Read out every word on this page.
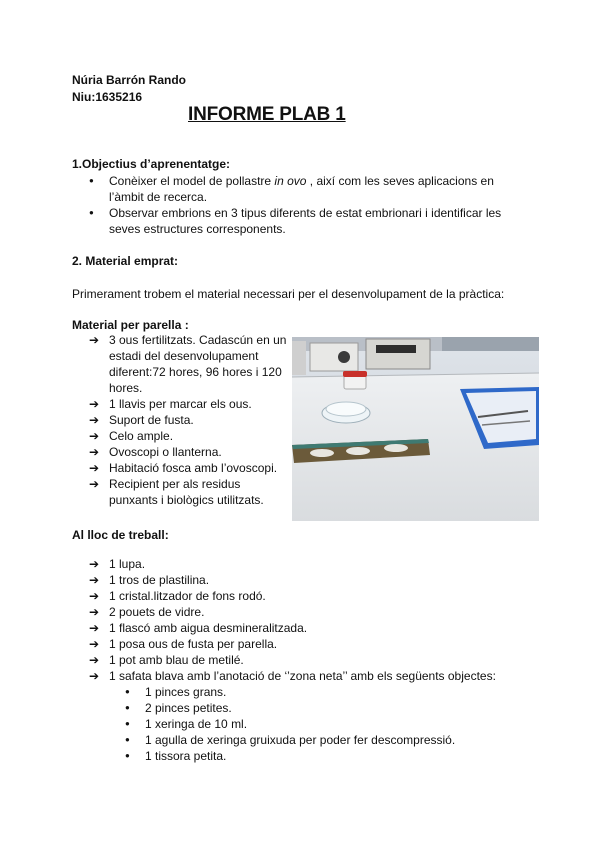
Núria Barrón Rando
Niu:1635216
INFORME PLAB 1
1.Objectius d’aprenentatge:
● Conèixer el model de pollastre in ovo , així com les seves aplicacions en l’àmbit de recerca.
● Observar embrions en 3 tipus diferents de estat embrionari i identificar les seves estructures corresponents.
2. Material emprat:
Primerament trobem el material necessari per el desenvolupament de la pràctica:
Material per parella :
➔ 3 ous fertilitzats. Cadascún en un estadi del desenvolupament diferent:72 hores, 96 hores i 120 hores.
➔ 1 llavis per marcar els ous.
➔ Suport de fusta.
➔ Celo ample.
➔ Ovoscopi o llanterna.
➔ Habitació fosca amb l’ovoscopi.
➔ Recipient per als residus punxants i biològics utilitzats.
Al lloc de treball:
➔ 1 lupa.
➔ 1 tros de plastilina.
➔ 1 cristal.litzador de fons rodó.
➔ 2 pouets de vidre.
➔ 1 flascó amb aigua desmineralitzada.
➔ 1 posa ous de fusta per parella.
➔ 1 pot amb blau de metilé.
➔ 1 safata blava amb l’anotació de ‘’zona neta’’ amb els següents objectes:
● 1 pinces grans.
● 2 pinces petites.
● 1 xeringa de 10 ml.
● 1 agulla de xeringa gruixuda per poder fer descompressió.
● 1 tissora petita.
